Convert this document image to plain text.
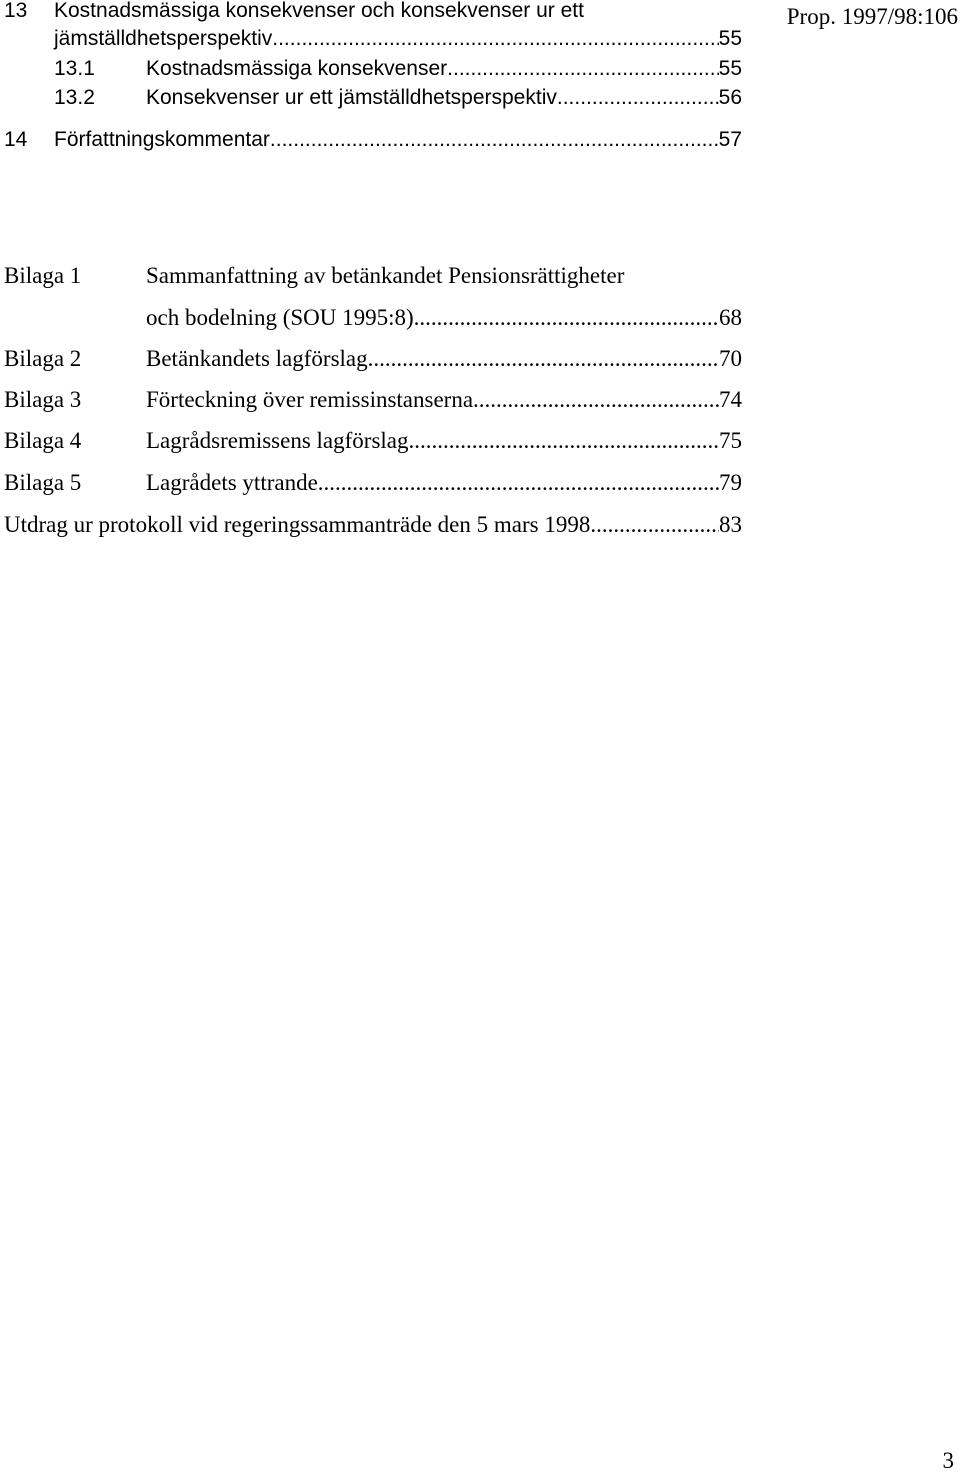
Prop. 1997/98:106
13	Kostnadsmässiga konsekvenser och konsekvenser ur ett
jämställdhetsperspektiv .....	55
13.1	Kostnadsmässiga konsekvenser .....	55
13.2	Konsekvenser ur ett jämställdhetsperspektiv .....	56
14	Författningskommentar .....	57
Bilaga 1	Sammanfattning av betänkandet Pensionsrättigheter
och bodelning (SOU 1995:8) .....	68
Bilaga 2	Betänkandets lagförslag .....	70
Bilaga 3	Förteckning över remissinstanserna .....	74
Bilaga 4	Lagrådsremissens lagförslag .....	75
Bilaga 5	Lagrådets yttrande .....	79
Utdrag ur protokoll vid regeringssammanträde den 5 mars 1998 .....	83
3
